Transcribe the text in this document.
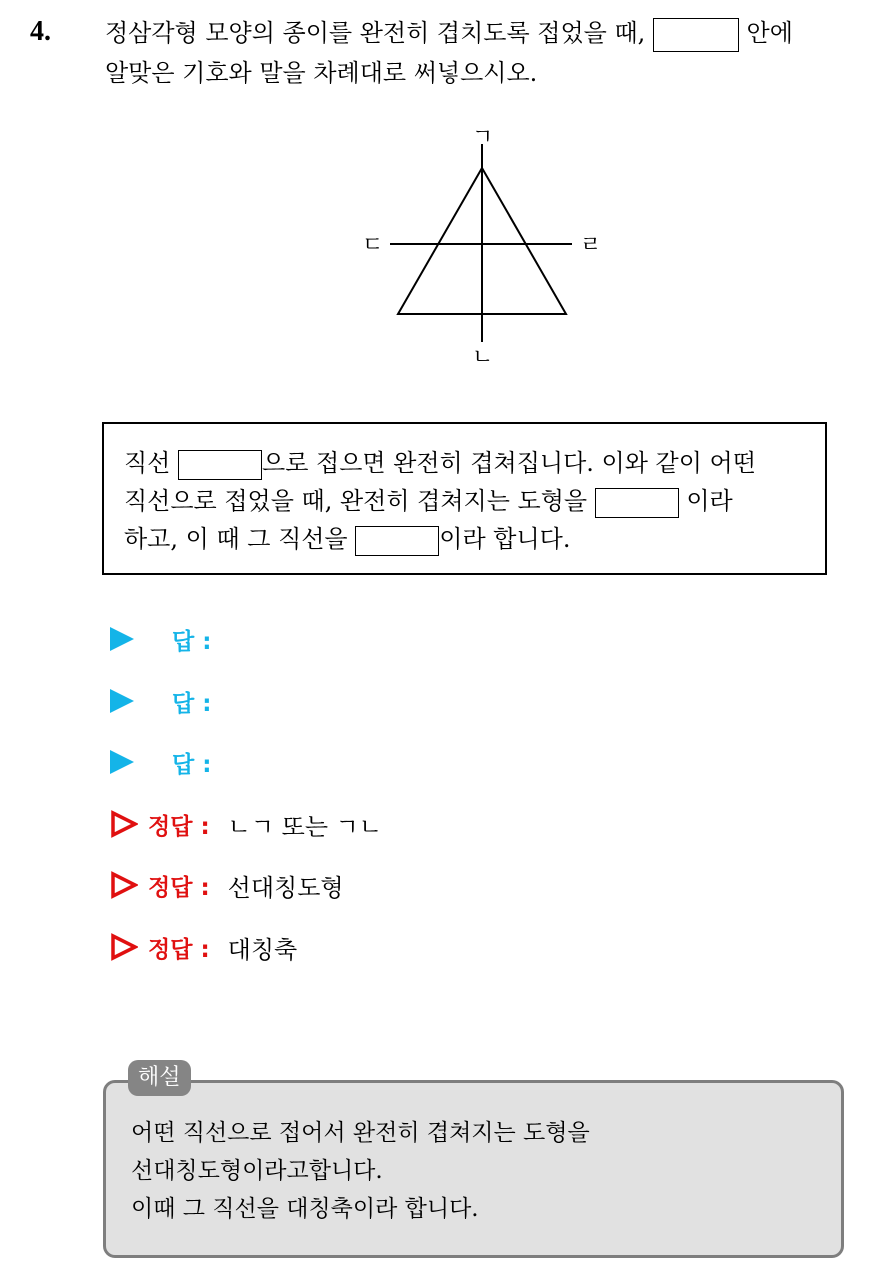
4. 정삼각형 모양의 종이를 완전히 겹치도록 접었을 때,	안에
알맞은 기호와 말을 차례대로 써넣으시오.
ㄱ
ㄴ
ㄷ	ㄹ
직선	으로 접으면 완전히 겹쳐집니다. 이와 같이 어떤
직선으로 접었을 때, 완전히 겹쳐지는 도형을	이라
하고, 이 때 그 직선을	이라 합니다.
답 :
답 :
답 :
정답 : ㄴㄱ 또는 ㄱㄴ
정답 : 선대칭도형
정답 : 대칭축
어떤 직선으로 접어서 완전히 겹쳐지는 도형을
선대칭도형이라고합니다.
이때 그 직선을 대칭축이라 합니다.
해설
